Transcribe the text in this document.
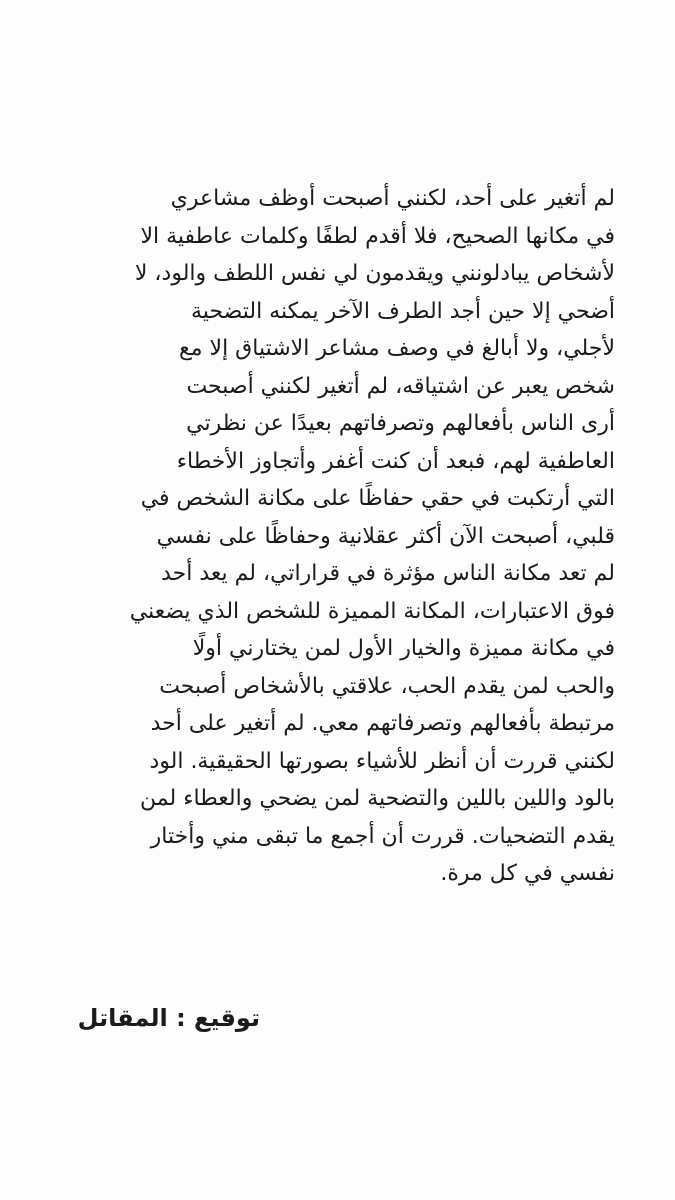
لم أتغير على أحد، لكنني أصبحت أوظف مشاعري
في مكانها الصحيح، فلا أقدم لطفًا وكلمات عاطفية الا
لأشخاص يبادلونني ويقدمون لي نفس اللطف والود، لا
أضحي إلا حين أجد الطرف الآخر يمكنه التضحية
لأجلي، ولا أبالغ في وصف مشاعر الاشتياق إلا مع
شخص يعبر عن اشتياقه، لم أتغير لكنني أصبحت
أرى الناس بأفعالهم وتصرفاتهم بعيدًا عن نظرتي
العاطفية لهم، فبعد أن كنت أغفر وأتجاوز الأخطاء
التي أرتكبت في حقي حفاظًا على مكانة الشخص في
قلبي، أصبحت الآن أكثر عقلانية وحفاظًا على نفسي
لم تعد مكانة الناس مؤثرة في قراراتي، لم يعد أحد
فوق الاعتبارات، المكانة المميزة للشخص الذي يضعني
في مكانة مميزة والخيار الأول لمن يختارني أولًا
والحب لمن يقدم الحب، علاقتي بالأشخاص أصبحت
مرتبطة بأفعالهم وتصرفاتهم معي. لم أتغير على أحد
لكنني قررت أن أنظر للأشياء بصورتها الحقيقية. الود
بالود واللين باللين والتضحية لمن يضحي والعطاء لمن
يقدم التضحيات. قررت أن أجمع ما تبقى مني وأختار
نفسي في كل مرة.
توقيع : المقاتل
